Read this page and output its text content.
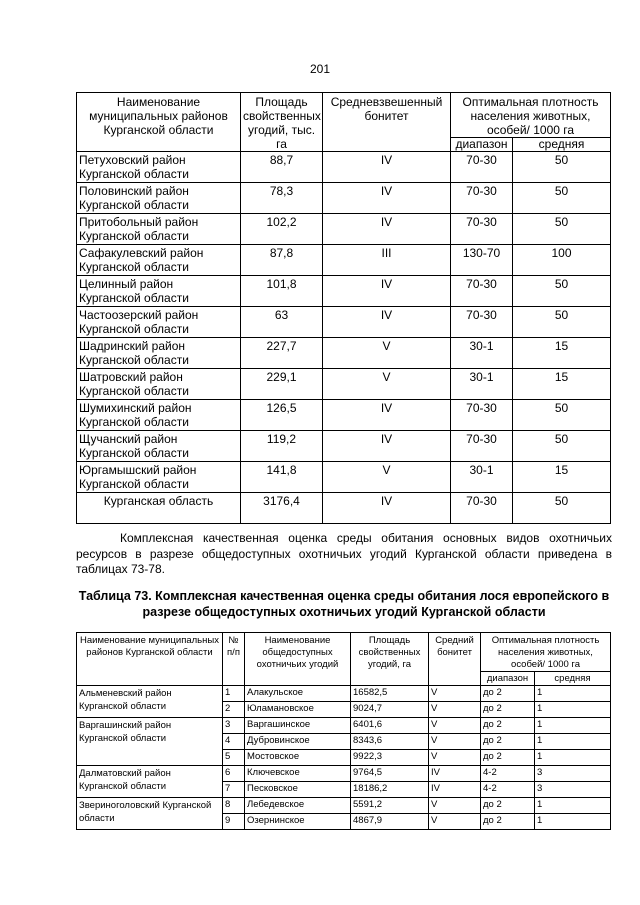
201
Наименование муниципальных районов Курганской области	Площадь свойственных угодий, тыс. га	Средневзвешенный бонитет	Оптимальная плотность населения животных, особей/ 1000 га	
			диапазон	средняя
Петуховский район Курганской области	88,7	IV	70-30	50
Половинский район Курганской области	78,3	IV	70-30	50
Притобольный район Курганской области	102,2	IV	70-30	50
Сафакулевский район Курганской области	87,8	III	130-70	100
Целинный район Курганской области	101,8	IV	70-30	50
Частоозерский район Курганской области	63	IV	70-30	50
Шадринский район Курганской области	227,7	V	30-1	15
Шатровский район Курганской области	229,1	V	30-1	15
Шумихинский район Курганской области	126,5	IV	70-30	50
Щучанский район Курганской области	119,2	IV	70-30	50
Юргамышский район Курганской области	141,8	V	30-1	15
Курганская область	3176,4	IV	70-30	50

Комплексная качественная оценка среды обитания основных видов охотничьих ресурсов в разрезе общедоступных охотничьих угодий Курганской области приведена в таблицах 73-78.

Таблица 73. Комплексная качественная оценка среды обитания лося европейского в разрезе общедоступных охотничьих угодий Курганской области

Наименование муниципальных районов Курганской области	№ п/п	Наименование общедоступных охотничьих угодий	Площадь свойственных угодий, га	Средний бонитет	Оптимальная плотность населения животных, особей/ 1000 га	
					диапазон	средняя
Альменевский район Курганской области	1	Алакульское	16582,5	V	до 2	1
	2	Юламановское	9024,7	V	до 2	1
Варгашинский район Курганской области	3	Варгашинское	6401,6	V	до 2	1
	4	Дубровинское	8343,6	V	до 2	1
	5	Мостовское	9922,3	V	до 2	1
Далматовский район Курганской области	6	Ключевское	9764,5	IV	4-2	3
	7	Песковское	18186,2	IV	4-2	3
Звериноголовский Курганской области	8	Лебедевское	5591,2	V	до 2	1
	9	Озернинское	4867,9	V	до 2	1
